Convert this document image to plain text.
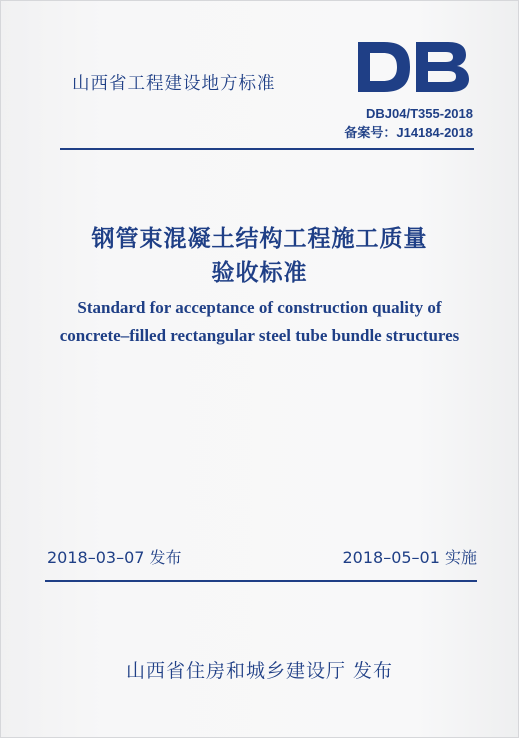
山西省工程建设地方标准
DB
DBJ04/T355-2018
备案号：J14184-2018
钢管束混凝土结构工程施工质量
验收标准
Standard for acceptance of construction quality of
concrete–filled rectangular steel tube bundle structures
2018–03–07 发布	2018–05–01 实施
山西省住房和城乡建设厅 发布
